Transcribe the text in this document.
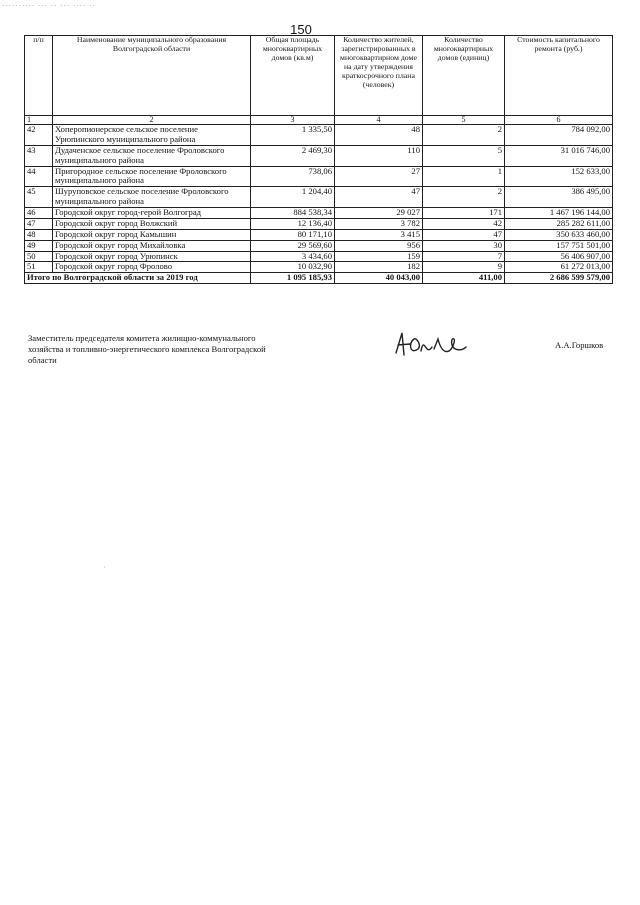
·········· ··· ·· ··· ···· ··
150
п/п	Наименование муниципального образования Волгоградской области	Общая площадь многоквартирных домов (кв.м)	Количество жителей, зарегистрированных в многоквартирном доме на дату утверждения краткосрочного плана (человек)	Количество многоквартирных домов (единиц)	Стоимость капитального ремонта (руб.)
1	2	3	4	5	6
42	Хоперопионерское сельское поселение Урюпинского муниципального района	1 335,50	48	2	784 092,00
43	Дудаченское сельское поселение Фроловского муниципального района	2 469,30	110	5	31 016 746,00
44	Пригородное сельское поселение Фроловского муниципального района	738,06	27	1	152 633,00
45	Шуруповское сельское поселение Фроловского муниципального района	1 204,40	47	2	386 495,00
46	Городской округ город-герой Волгоград	884 538,34	29 027	171	1 467 196 144,00
47	Городской округ город Волжский	12 136,40	3 782	42	285 282 611,00
48	Городской округ город Камышин	80 171,10	3 415	47	350 633 460,00
49	Городской округ город Михайловка	29 569,60	956	30	157 751 501,00
50	Городской округ город Урюпинск	3 434,60	159	7	56 406 907,00
51	Городской округ город Фролово	10 032,90	182	9	61 272 013,00
Итого по Волгоградской области за 2019 год		1 095 185,93	40 043,00	411,00	2 686 599 579,00
Заместитель председателя комитета жилищно-коммунального хозяйства и топливно-энергетического комплекса Волгоградской области
А.А.Горшков
·
